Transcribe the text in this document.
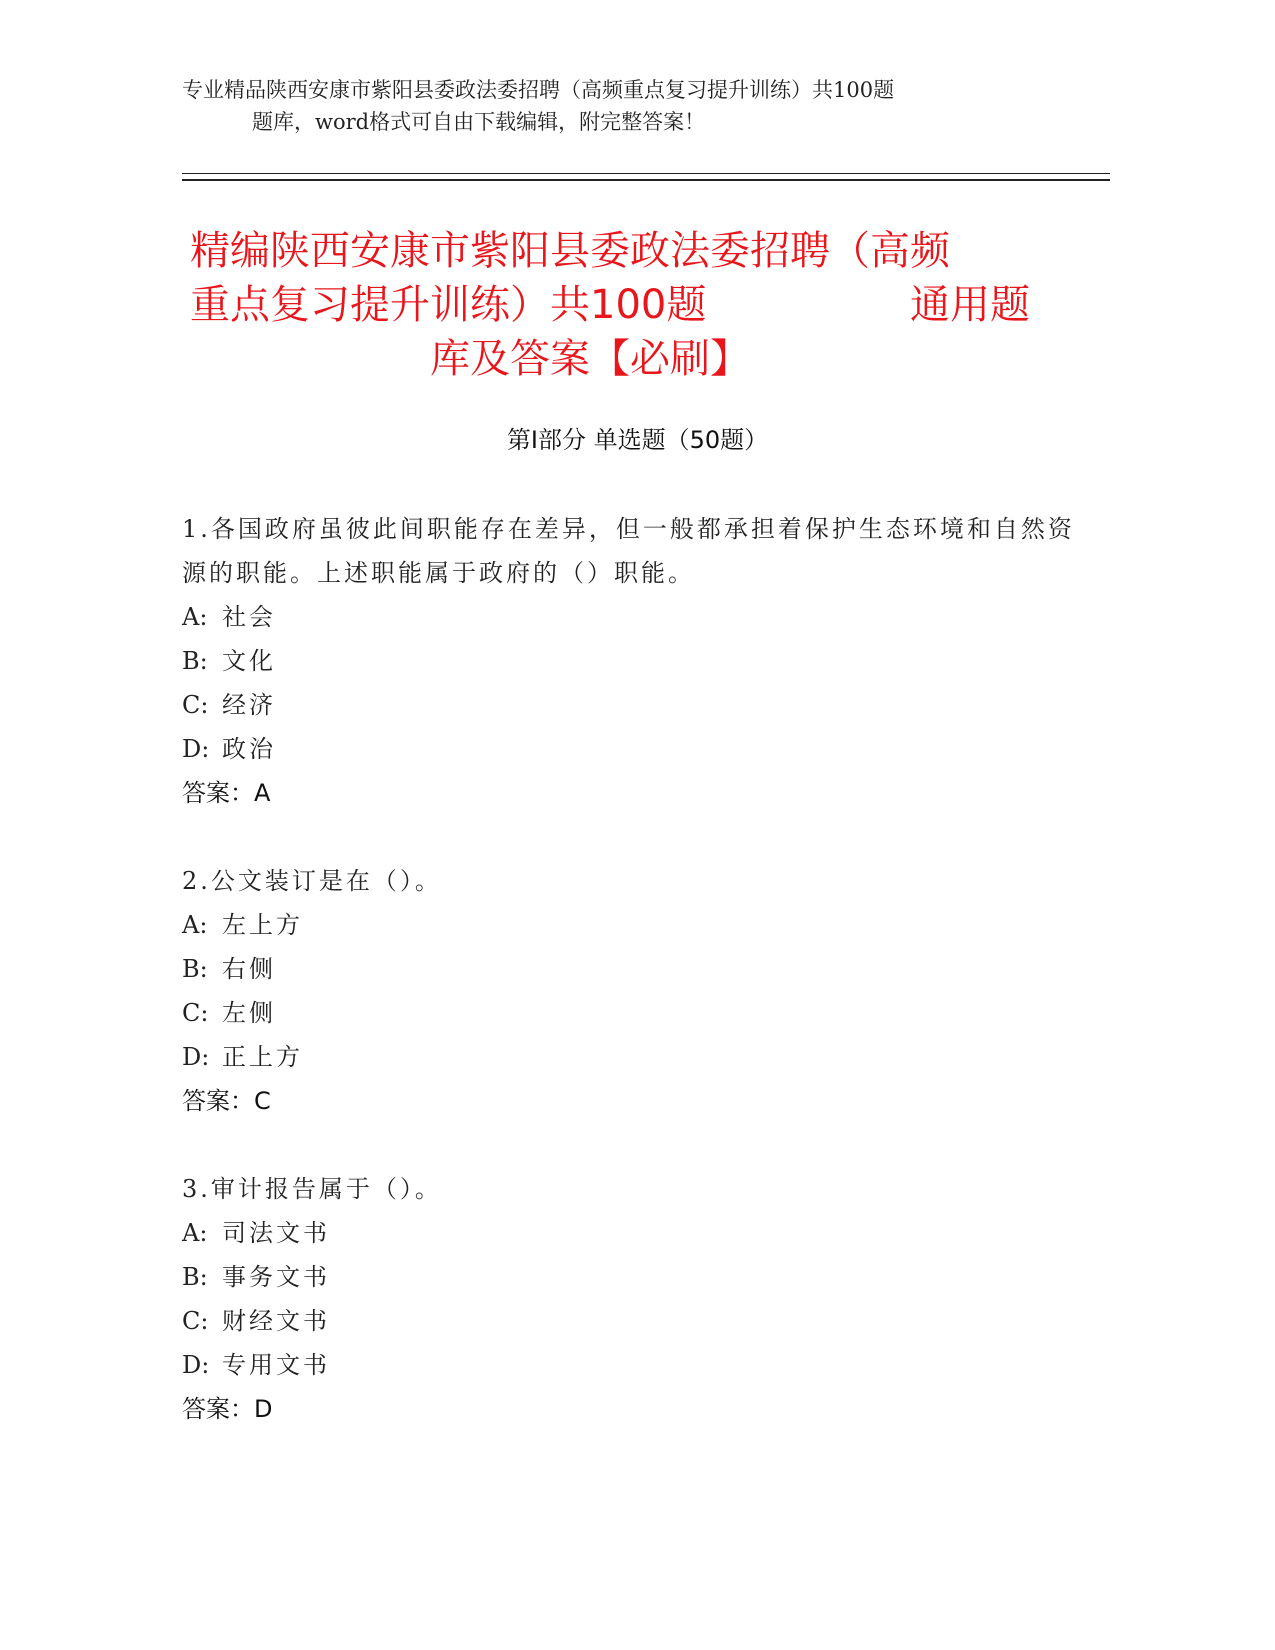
专业精品陕西安康市紫阳县委政法委招聘（高频重点复习提升训练）共100题
题库，word格式可自由下载编辑，附完整答案！
精编陕西安康市紫阳县委政法委招聘（高频
重点复习提升训练）共100题	通用题
库及答案【必刷】
第I部分 单选题（50题）
1.各国政府虽彼此间职能存在差异，但一般都承担着保护生态环境和自然资源的职能。上述职能属于政府的（）职能。
A: 社会
B: 文化
C: 经济
D: 政治
答案：A
2.公文装订是在（）。
A: 左上方
B: 右侧
C: 左侧
D: 正上方
答案：C
3.审计报告属于（）。
A: 司法文书
B: 事务文书
C: 财经文书
D: 专用文书
答案：D
